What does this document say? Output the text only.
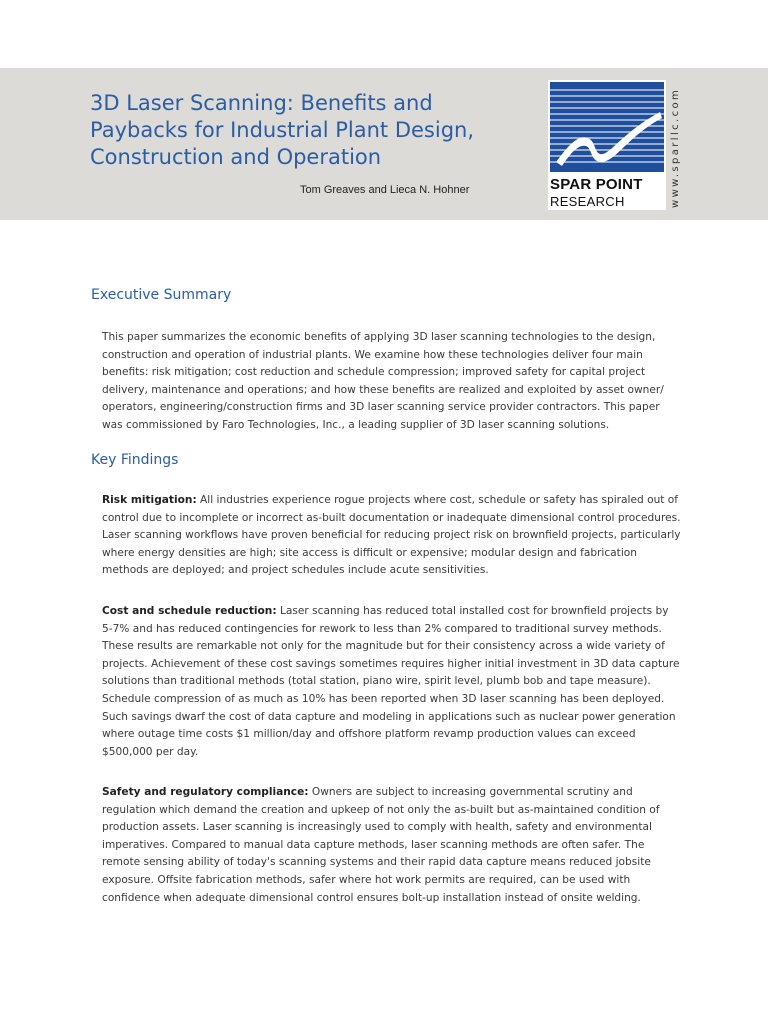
3D Laser Scanning: Benefits and Paybacks for Industrial Plant Design, Construction and Operation
Tom Greaves and Lieca N. Hohner	SPAR POINT
RESEARCH	www.sparllc.com
Executive Summary

This paper summarizes the economic benefits of applying 3D laser scanning technologies to the design, construction and operation of industrial plants. We examine how these technologies deliver four main benefits: risk mitigation; cost reduction and schedule compression; improved safety for capital project delivery, maintenance and operations; and how these benefits are realized and exploited by asset owner/ operators, engineering/construction firms and 3D laser scanning service provider contractors. This paper was commissioned by Faro Technologies, Inc., a leading supplier of 3D laser scanning solutions.

Key Findings

Risk mitigation: All industries experience rogue projects where cost, schedule or safety has spiraled out of control due to incomplete or incorrect as-built documentation or inadequate dimensional control procedures. Laser scanning workflows have proven beneficial for reducing project risk on brownfield projects, particularly where energy densities are high; site access is difficult or expensive; modular design and fabrication methods are deployed; and project schedules include acute sensitivities.

Cost and schedule reduction: Laser scanning has reduced total installed cost for brownfield projects by 5-7% and has reduced contingencies for rework to less than 2% compared to traditional survey methods. These results are remarkable not only for the magnitude but for their consistency across a wide variety of projects. Achievement of these cost savings sometimes requires higher initial investment in 3D data capture solutions than traditional methods (total station, piano wire, spirit level, plumb bob and tape measure). Schedule compression of as much as 10% has been reported when 3D laser scanning has been deployed. Such savings dwarf the cost of data capture and modeling in applications such as nuclear power generation where outage time costs $1 million/day and offshore platform revamp production values can exceed $500,000 per day.

Safety and regulatory compliance: Owners are subject to increasing governmental scrutiny and regulation which demand the creation and upkeep of not only the as-built but as-maintained condition of production assets. Laser scanning is increasingly used to comply with health, safety and environmental imperatives. Compared to manual data capture methods, laser scanning methods are often safer. The remote sensing ability of today's scanning systems and their rapid data capture means reduced jobsite exposure. Offsite fabrication methods, safer where hot work permits are required, can be used with confidence when adequate dimensional control ensures bolt-up installation instead of onsite welding.
